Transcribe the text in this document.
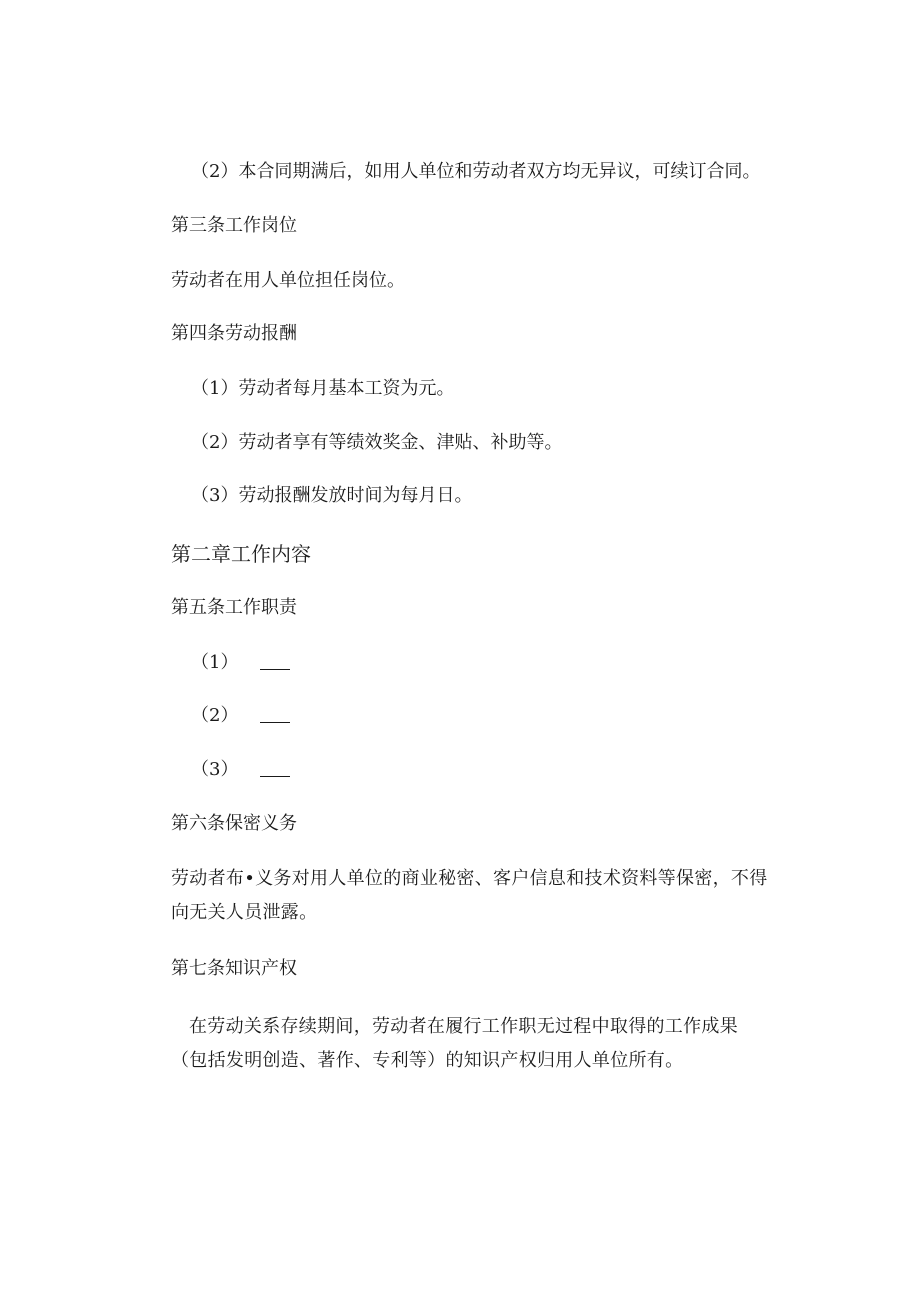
（2）本合同期满后，如用人单位和劳动者双方均无异议，可续订合同。
第三条工作岗位
劳动者在用人单位担任岗位。
第四条劳动报酬
（1）劳动者每月基本工资为元。
（2）劳动者享有等绩效奖金、津贴、补助等。
（3）劳动报酬发放时间为每月日。
第二章工作内容
第五条工作职责
（1）
（2）
（3）
第六条保密义务
劳动者布•义务对用人单位的商业秘密、客户信息和技术资料等保密，不得向无关人员泄露。
第七条知识产权
在劳动关系存续期间，劳动者在履行工作职无过程中取得的工作成果（包括发明创造、著作、专利等）的知识产权归用人单位所有。
